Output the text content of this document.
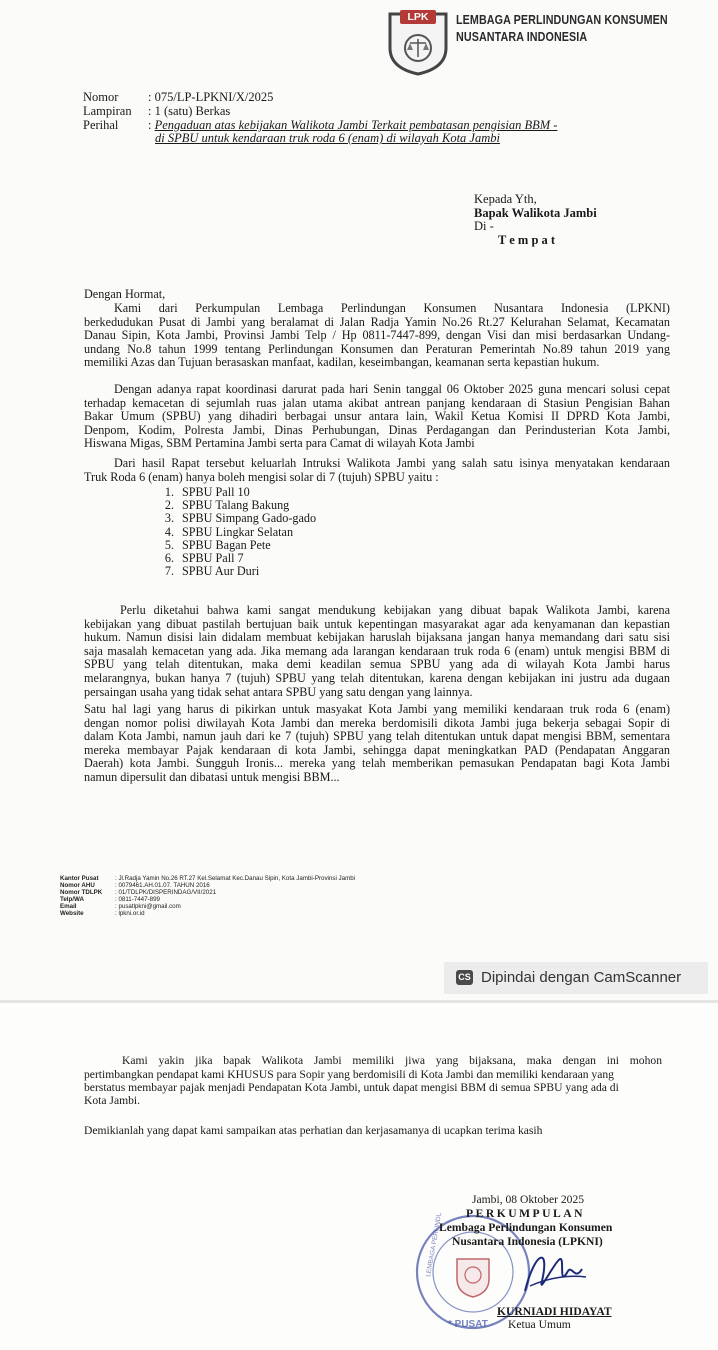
LPK	LEMBAGA PERLINDUNGAN KONSUMEN
NUSANTARA INDONESIA
Nomor : 075/LP-LPKNI/X/2025
Lampiran : 1 (satu) Berkas
Perihal : Pengaduan atas kebijakan Walikota Jambi Terkait pembatasan pengisian BBM -
di SPBU untuk kendaraan truk roda 6 (enam) di wilayah Kota Jambi
Kepada Yth,
Bapak Walikota Jambi
Di -
T e m p a t
Dengan Hormat,
Kami dari Perkumpulan Lembaga Perlindungan Konsumen Nusantara Indonesia (LPKNI)
berkedudukan Pusat di Jambi yang beralamat di Jalan Radja Yamin No.26 Rt.27 Kelurahan Selamat, Kecamatan
Danau Sipin, Kota Jambi, Provinsi Jambi Telp / Hp 0811-7447-899, dengan Visi dan misi berdasarkan Undang-
undang No.8 tahun 1999 tentang Perlindungan Konsumen dan Peraturan Pemerintah No.89 tahun 2019 yang
memiliki Azas dan Tujuan berasaskan manfaat, kadilan, keseimbangan, keamanan serta kepastian hukum.
Dengan adanya rapat koordinasi darurat pada hari Senin tanggal 06 Oktober 2025 guna mencari solusi cepat
terhadap kemacetan di sejumlah ruas jalan utama akibat antrean panjang kendaraan di Stasiun Pengisian Bahan
Bakar Umum (SPBU) yang dihadiri berbagai unsur antara lain, Wakil Ketua Komisi II DPRD Kota Jambi,
Denpom, Kodim, Polresta Jambi, Dinas Perhubungan, Dinas Perdagangan dan Perindusterian Kota Jambi,
Hiswana Migas, SBM Pertamina Jambi serta para Camat di wilayah Kota Jambi
Dari hasil Rapat tersebut keluarlah Intruksi Walikota Jambi yang salah satu isinya menyatakan kendaraan
Truk Roda 6 (enam) hanya boleh mengisi solar di 7 (tujuh) SPBU yaitu :
1. SPBU Pall 10
2. SPBU Talang Bakung
3. SPBU Simpang Gado-gado
4. SPBU Lingkar Selatan
5. SPBU Bagan Pete
6. SPBU Pall 7
7. SPBU Aur Duri
Perlu diketahui bahwa kami sangat mendukung kebijakan yang dibuat bapak Walikota Jambi, karena
kebijakan yang dibuat pastilah bertujuan baik untuk kepentingan masyarakat agar ada kenyamanan dan kepastian
hukum. Namun disisi lain didalam membuat kebijakan haruslah bijaksana jangan hanya memandang dari satu sisi
saja masalah kemacetan yang ada. Jika memang ada larangan kendaraan truk roda 6 (enam) untuk mengisi BBM di
SPBU yang telah ditentukan, maka demi keadilan semua SPBU yang ada di wilayah Kota Jambi harus
melarangnya, bukan hanya 7 (tujuh) SPBU yang telah ditentukan, karena dengan kebijakan ini justru ada dugaan
persaingan usaha yang tidak sehat antara SPBU yang satu dengan yang lainnya.
Satu hal lagi yang harus di pikirkan untuk masyakat Kota Jambi yang memiliki kendaraan truk roda 6 (enam)
dengan nomor polisi diwilayah Kota Jambi dan mereka berdomisili dikota Jambi juga bekerja sebagai Sopir di
dalam Kota Jambi, namun jauh dari ke 7 (tujuh) SPBU yang telah ditentukan untuk dapat mengisi BBM, sementara
mereka membayar Pajak kendaraan di kota Jambi, sehingga dapat meningkatkan PAD (Pendapatan Anggaran
Daerah) kota Jambi. Sungguh Ironis... mereka yang telah memberikan pemasukan Pendapatan bagi Kota Jambi
namun dipersulit dan dibatasi untuk mengisi BBM...
Kantor Pusat	: Jl.Radja Yamin No.26 RT.27 Kel.Selamat Kec.Danau Sipin, Kota Jambi-Provinsi Jambi
Nomor AHU	: 0079461.AH.01.07. TAHUN 2016
Nomor TDLPK : 01/TDLPK/DISPERINDAG/VII/2021
Telp/WA	: 0811-7447-899
Email	: pusatlpkni@gmail.com
Website	: lpkni.or.id
CS Dipindai dengan CamScanner
Kami yakin jika bapak Walikota Jambi memiliki jiwa yang bijaksana, maka dengan ini mohon
pertimbangkan pendapat kami KHUSUS para Sopir yang berdomisili di Kota Jambi dan memiliki kendaraan yang
berstatus membayar pajak menjadi Pendapatan Kota Jambi, untuk dapat mengisi BBM di semua SPBU yang ada di
Kota Jambi.
Demikianlah yang dapat kami sampaikan atas perhatian dan kerjasamanya di ucapkan terima kasih
LEMBAGA PERLINDUNGAN
* PUSAT
Jambi, 08 Oktober 2025
PERKUMPULAN
Lembaga Perlindungan Konsumen
Nusantara Indonesia (LPKNI)
KURNIADI HIDAYAT
Ketua Umum
